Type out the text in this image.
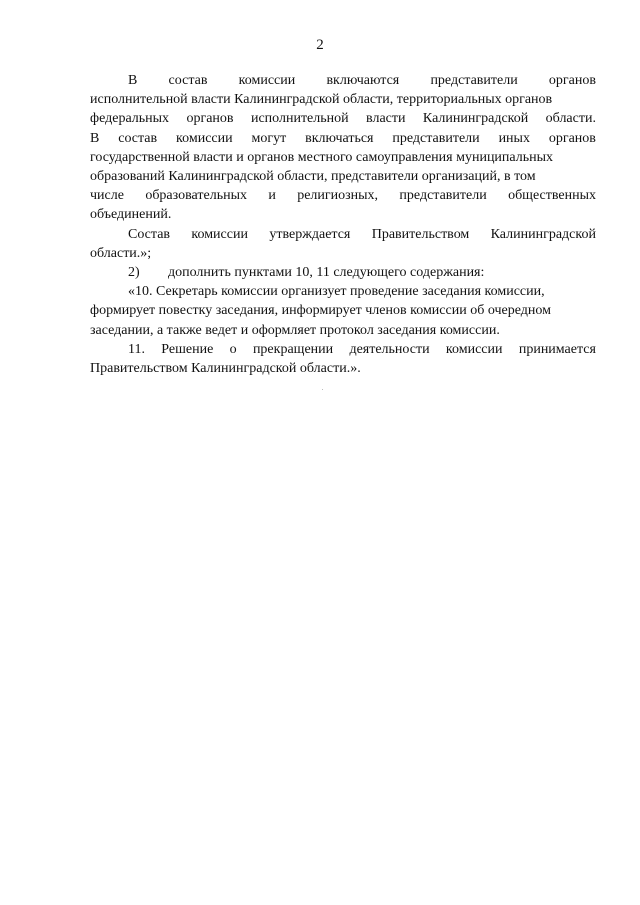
2
В состав комиссии включаются представители органов
исполнительной власти Калининградской области, территориальных органов
федеральных органов исполнительной власти Калининградской области.
В состав комиссии могут включаться представители иных органов
государственной власти и органов местного самоуправления муниципальных
образований Калининградской области, представители организаций, в том
числе образовательных и религиозных, представители общественных
объединений.
Состав комиссии утверждается Правительством Калининградской
области.»;
2) дополнить пунктами 10, 11 следующего содержания:
«10. Секретарь комиссии организует проведение заседания комиссии,
формирует повестку заседания, информирует членов комиссии об очередном
заседании, а также ведет и оформляет протокол заседания комиссии.
11. Решение о прекращении деятельности комиссии принимается
Правительством Калининградской области.».
